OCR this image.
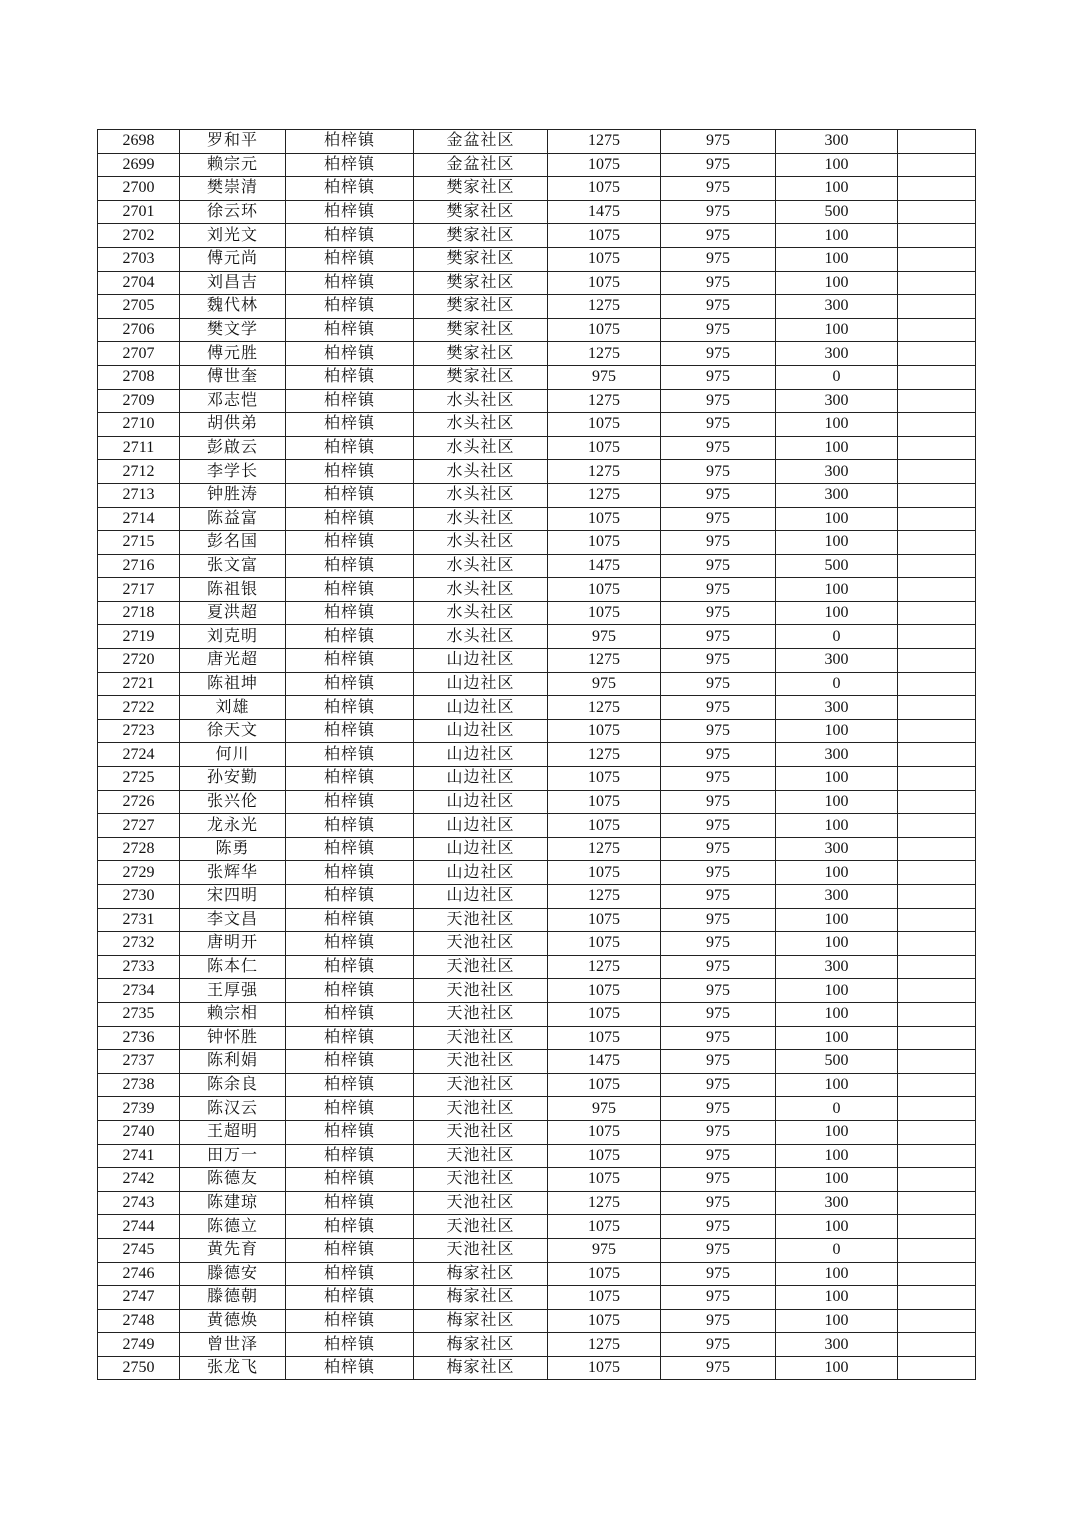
2698	罗和平	柏梓镇	金盆社区	1275	975	300	
2699	赖宗元	柏梓镇	金盆社区	1075	975	100	
2700	樊崇清	柏梓镇	樊家社区	1075	975	100	
2701	徐云环	柏梓镇	樊家社区	1475	975	500	
2702	刘光文	柏梓镇	樊家社区	1075	975	100	
2703	傅元尚	柏梓镇	樊家社区	1075	975	100	
2704	刘昌吉	柏梓镇	樊家社区	1075	975	100	
2705	魏代林	柏梓镇	樊家社区	1275	975	300	
2706	樊文学	柏梓镇	樊家社区	1075	975	100	
2707	傅元胜	柏梓镇	樊家社区	1275	975	300	
2708	傅世奎	柏梓镇	樊家社区	975	975	0	
2709	邓志恺	柏梓镇	水头社区	1275	975	300	
2710	胡供弟	柏梓镇	水头社区	1075	975	100	
2711	彭啟云	柏梓镇	水头社区	1075	975	100	
2712	李学长	柏梓镇	水头社区	1275	975	300	
2713	钟胜涛	柏梓镇	水头社区	1275	975	300	
2714	陈益富	柏梓镇	水头社区	1075	975	100	
2715	彭名国	柏梓镇	水头社区	1075	975	100	
2716	张文富	柏梓镇	水头社区	1475	975	500	
2717	陈祖银	柏梓镇	水头社区	1075	975	100	
2718	夏洪超	柏梓镇	水头社区	1075	975	100	
2719	刘克明	柏梓镇	水头社区	975	975	0	
2720	唐光超	柏梓镇	山边社区	1275	975	300	
2721	陈祖坤	柏梓镇	山边社区	975	975	0	
2722	刘雄	柏梓镇	山边社区	1275	975	300	
2723	徐天文	柏梓镇	山边社区	1075	975	100	
2724	何川	柏梓镇	山边社区	1275	975	300	
2725	孙安勤	柏梓镇	山边社区	1075	975	100	
2726	张兴伦	柏梓镇	山边社区	1075	975	100	
2727	龙永光	柏梓镇	山边社区	1075	975	100	
2728	陈勇	柏梓镇	山边社区	1275	975	300	
2729	张辉华	柏梓镇	山边社区	1075	975	100	
2730	宋四明	柏梓镇	山边社区	1275	975	300	
2731	李文昌	柏梓镇	天池社区	1075	975	100	
2732	唐明开	柏梓镇	天池社区	1075	975	100	
2733	陈本仁	柏梓镇	天池社区	1275	975	300	
2734	王厚强	柏梓镇	天池社区	1075	975	100	
2735	赖宗相	柏梓镇	天池社区	1075	975	100	
2736	钟怀胜	柏梓镇	天池社区	1075	975	100	
2737	陈利娟	柏梓镇	天池社区	1475	975	500	
2738	陈余良	柏梓镇	天池社区	1075	975	100	
2739	陈汉云	柏梓镇	天池社区	975	975	0	
2740	王超明	柏梓镇	天池社区	1075	975	100	
2741	田万一	柏梓镇	天池社区	1075	975	100	
2742	陈德友	柏梓镇	天池社区	1075	975	100	
2743	陈建琼	柏梓镇	天池社区	1275	975	300	
2744	陈德立	柏梓镇	天池社区	1075	975	100	
2745	黄先育	柏梓镇	天池社区	975	975	0	
2746	滕德安	柏梓镇	梅家社区	1075	975	100	
2747	滕德朝	柏梓镇	梅家社区	1075	975	100	
2748	黄德焕	柏梓镇	梅家社区	1075	975	100	
2749	曾世泽	柏梓镇	梅家社区	1275	975	300	
2750	张龙飞	柏梓镇	梅家社区	1075	975	100	
